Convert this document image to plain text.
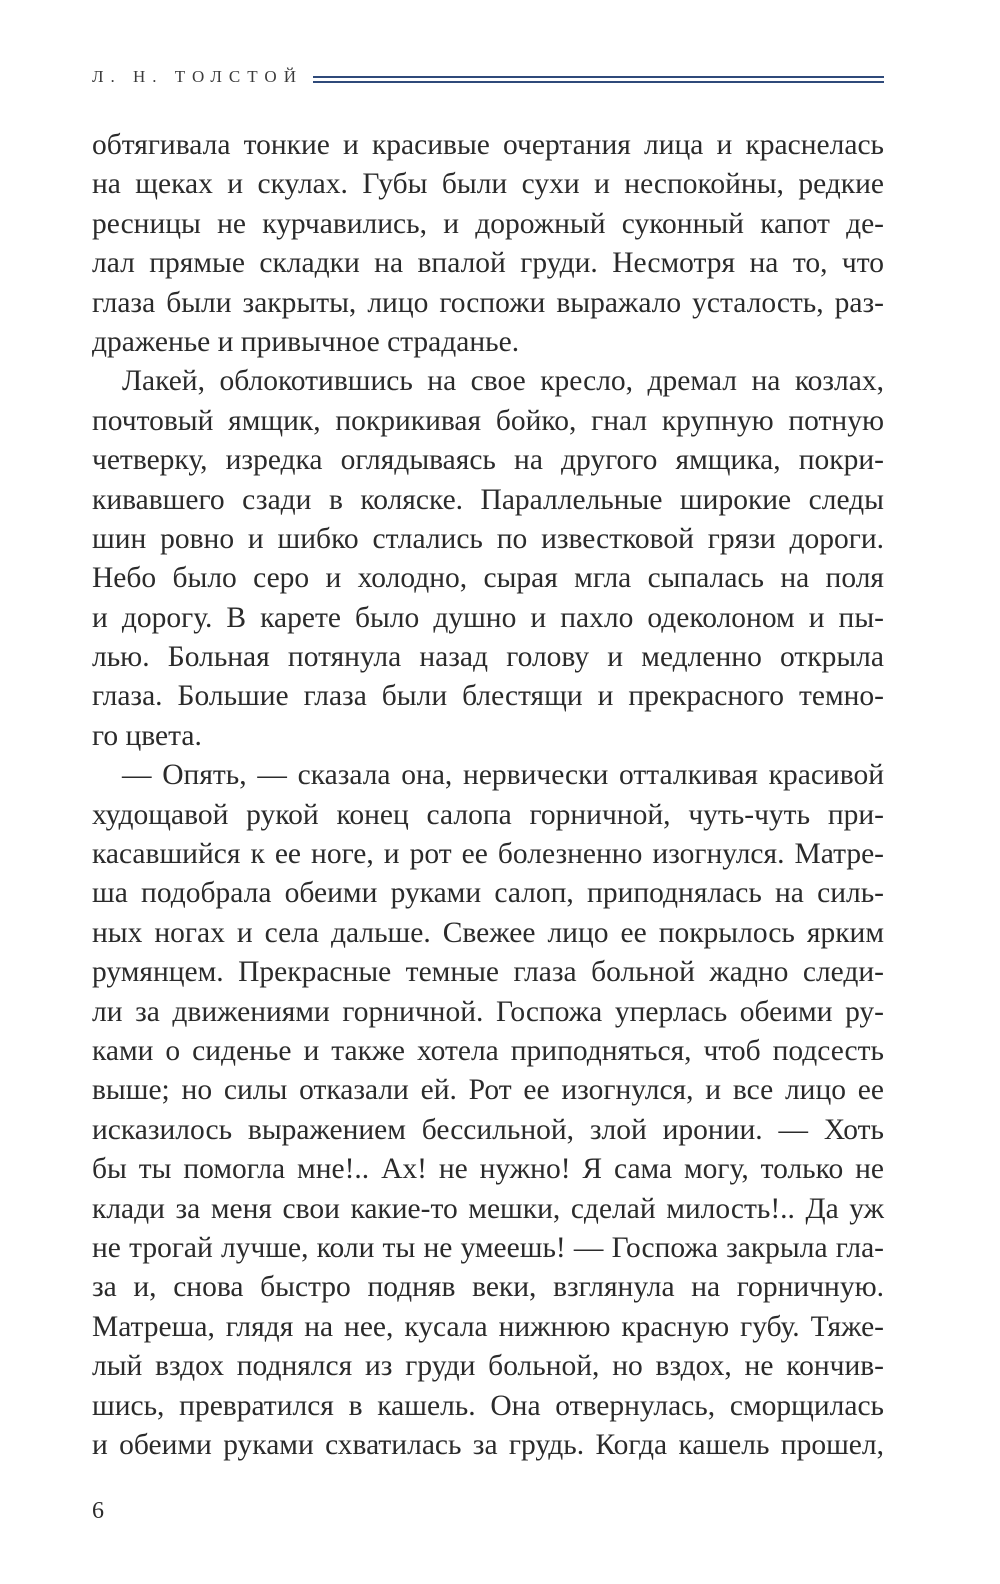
Л. Н. ТОЛСТОЙ
обтягивала тонкие и красивые очертания лица и краснелась
на щеках и скулах. Губы были сухи и неспокойны, редкие
ресницы не курчавились, и дорожный суконный капот де-
лал прямые складки на впалой груди. Несмотря на то, что
глаза были закрыты, лицо госпожи выражало усталость, раз-
драженье и привычное страданье.
Лакей, облокотившись на свое кресло, дремал на козлах,
почтовый ямщик, покрикивая бойко, гнал крупную потную
четверку, изредка оглядываясь на другого ямщика, покри-
кивавшего сзади в коляске. Параллельные широкие следы
шин ровно и шибко стлались по известковой грязи дороги.
Небо было серо и холодно, сырая мгла сыпалась на поля
и дорогу. В карете было душно и пахло одеколоном и пы-
лью. Больная потянула назад голову и медленно открыла
глаза. Большие глаза были блестящи и прекрасного темно-
го цвета.
— Опять, — сказала она, нервически отталкивая красивой
худощавой рукой конец салопа горничной, чуть-чуть при-
касавшийся к ее ноге, и рот ее болезненно изогнулся. Матре-
ша подобрала обеими руками салоп, приподнялась на силь-
ных ногах и села дальше. Свежее лицо ее покрылось ярким
румянцем. Прекрасные темные глаза больной жадно следи-
ли за движениями горничной. Госпожа уперлась обеими ру-
ками о сиденье и также хотела приподняться, чтоб подсесть
выше; но силы отказали ей. Рот ее изогнулся, и все лицо ее
исказилось выражением бессильной, злой иронии. — Хоть
бы ты помогла мне!.. Ах! не нужно! Я сама могу, только не
клади за меня свои какие-то мешки, сделай милость!.. Да уж
не трогай лучше, коли ты не умеешь! — Госпожа закрыла гла-
за и, снова быстро подняв веки, взглянула на горничную.
Матреша, глядя на нее, кусала нижнюю красную губу. Тяже-
лый вздох поднялся из груди больной, но вздох, не кончив-
шись, превратился в кашель. Она отвернулась, сморщилась
и обеими руками схватилась за грудь. Когда кашель прошел,
6
